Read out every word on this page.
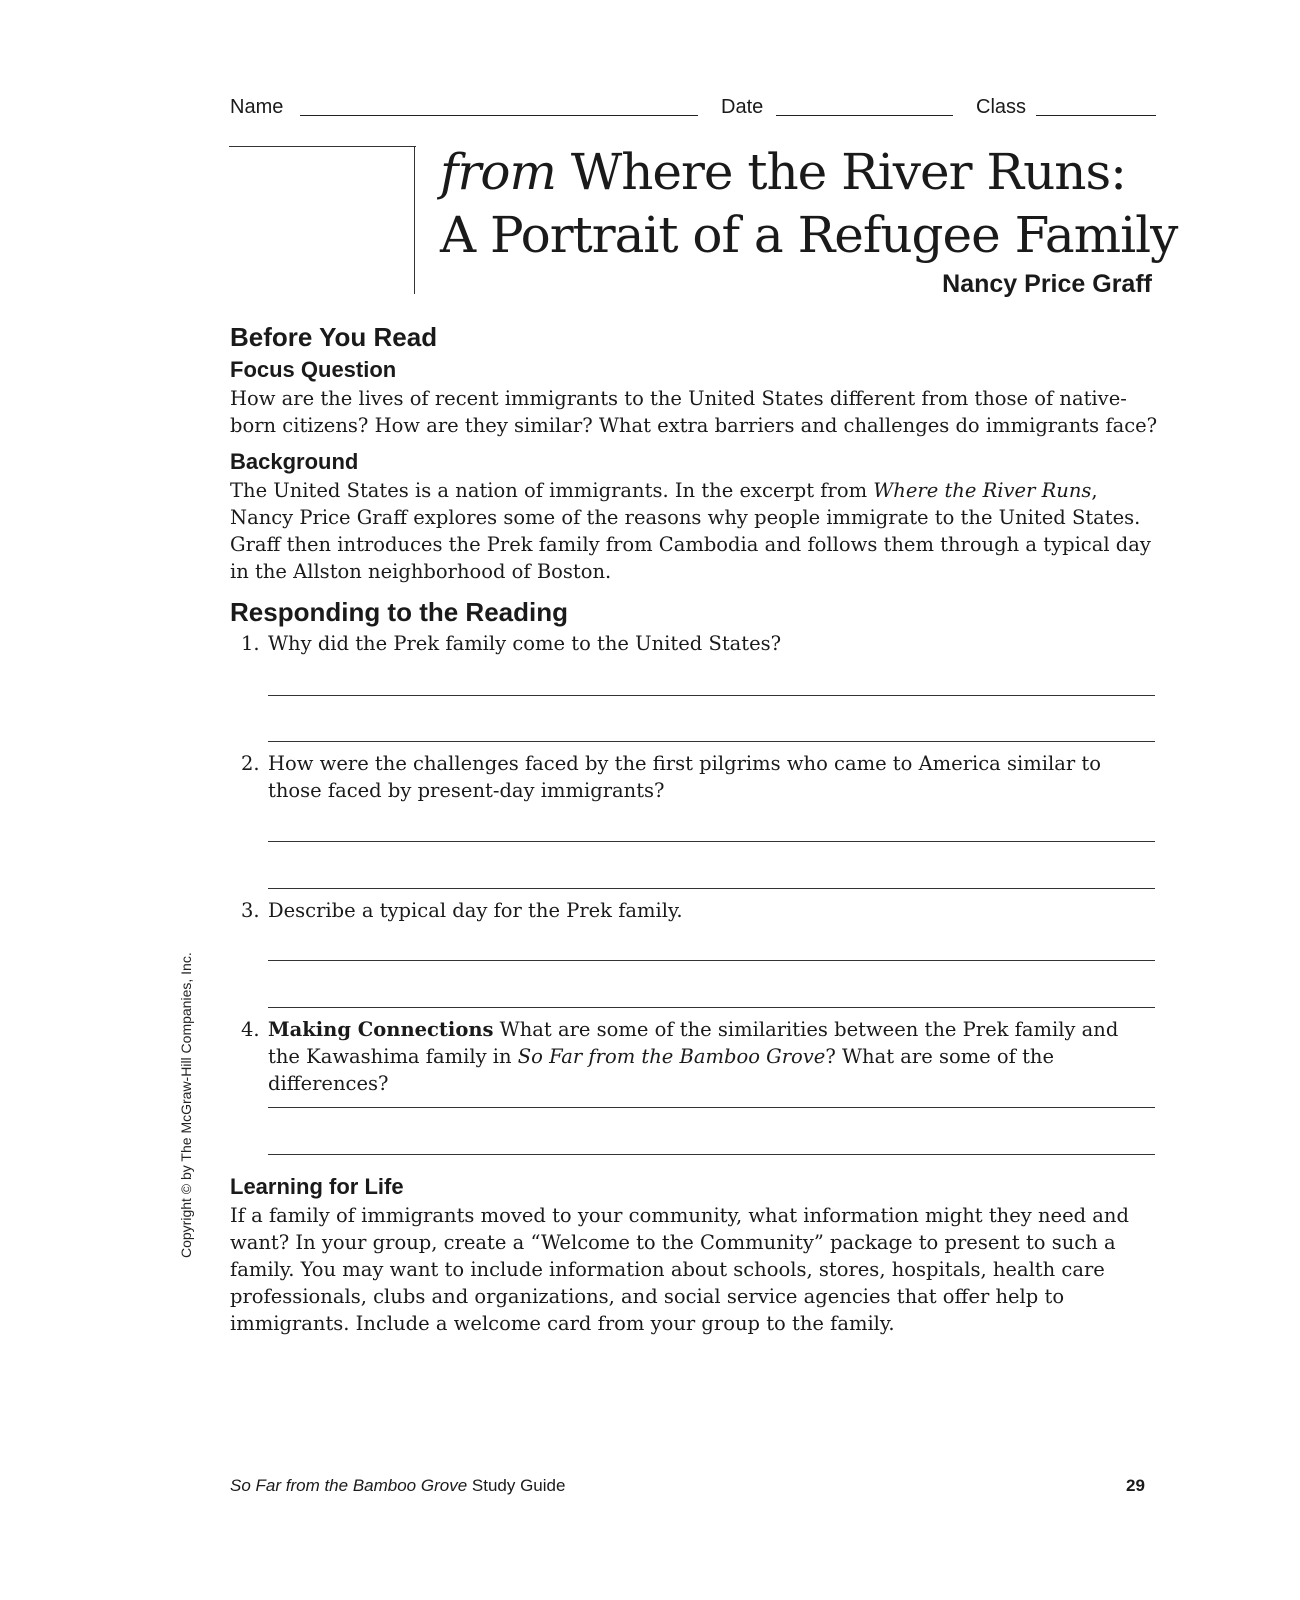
Name	Date	Class
from Where the River Runs:
A Portrait of a Refugee Family
Nancy Price Graff
Before You Read
Focus Question

How are the lives of recent immigrants to the United States different from those of native-born citizens? How are they similar? What extra barriers and challenges do immigrants face?

Background

The United States is a nation of immigrants. In the excerpt from Where the River Runs, Nancy Price Graff explores some of the reasons why people immigrate to the United States. Graff then introduces the Prek family from Cambodia and follows them through a typical day in the Allston neighborhood of Boston.

Responding to the Reading
1. Why did the Prek family come to the United States?

2. How were the challenges faced by the first pilgrims who came to America similar to those faced by present-day immigrants?

3. Describe a typical day for the Prek family.

4. Making Connections What are some of the similarities between the Prek family and the Kawashima family in So Far from the Bamboo Grove? What are some of the differences?

Learning for Life

If a family of immigrants moved to your community, what information might they need and want? In your group, create a “Welcome to the Community” package to present to such a family. You may want to include information about schools, stores, hospitals, health care professionals, clubs and organizations, and social service agencies that offer help to immigrants. Include a welcome card from your group to the family.

Copyright © by The McGraw-Hill Companies, Inc.
So Far from the Bamboo Grove Study Guide	29
